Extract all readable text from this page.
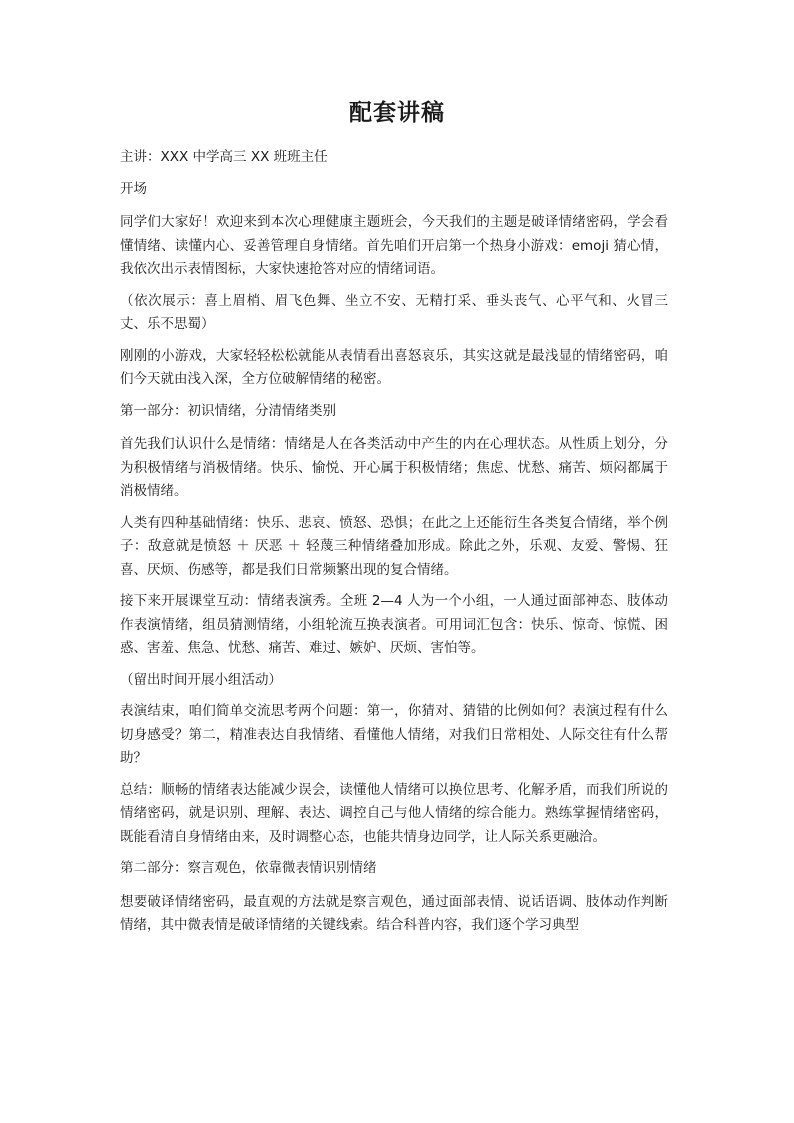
配套讲稿

主讲：XXX 中学高三 XX 班班主任

开场

同学们大家好！欢迎来到本次心理健康主题班会，今天我们的主题是破译情绪密码，学会看懂情绪、读懂内心、妥善管理自身情绪。首先咱们开启第一个热身小游戏：emoji 猜心情，我依次出示表情图标，大家快速抢答对应的情绪词语。

（依次展示：喜上眉梢、眉飞色舞、坐立不安、无精打采、垂头丧气、心平气和、火冒三丈、乐不思蜀）

刚刚的小游戏，大家轻轻松松就能从表情看出喜怒哀乐，其实这就是最浅显的情绪密码，咱们今天就由浅入深，全方位破解情绪的秘密。

第一部分：初识情绪，分清情绪类别

首先我们认识什么是情绪：情绪是人在各类活动中产生的内在心理状态。从性质上划分，分为积极情绪与消极情绪。快乐、愉悦、开心属于积极情绪；焦虑、忧愁、痛苦、烦闷都属于消极情绪。

人类有四种基础情绪：快乐、悲哀、愤怒、恐惧；在此之上还能衍生各类复合情绪，举个例子：敌意就是愤怒 ＋ 厌恶 ＋ 轻蔑三种情绪叠加形成。除此之外，乐观、友爱、警惕、狂喜、厌烦、伤感等，都是我们日常频繁出现的复合情绪。

接下来开展课堂互动：情绪表演秀。全班 2—4 人为一个小组，一人通过面部神态、肢体动作表演情绪，组员猜测情绪，小组轮流互换表演者。可用词汇包含：快乐、惊奇、惊慌、困惑、害羞、焦急、忧愁、痛苦、难过、嫉妒、厌烦、害怕等。

（留出时间开展小组活动）

表演结束，咱们简单交流思考两个问题：第一，你猜对、猜错的比例如何？表演过程有什么切身感受？第二，精准表达自我情绪、看懂他人情绪，对我们日常相处、人际交往有什么帮助？

总结：顺畅的情绪表达能减少误会，读懂他人情绪可以换位思考、化解矛盾，而我们所说的情绪密码，就是识别、理解、表达、调控自己与他人情绪的综合能力。熟练掌握情绪密码，既能看清自身情绪由来，及时调整心态，也能共情身边同学，让人际关系更融洽。

第二部分：察言观色，依靠微表情识别情绪

想要破译情绪密码，最直观的方法就是察言观色，通过面部表情、说话语调、肢体动作判断情绪，其中微表情是破译情绪的关键线索。结合科普内容，我们逐个学习典型
